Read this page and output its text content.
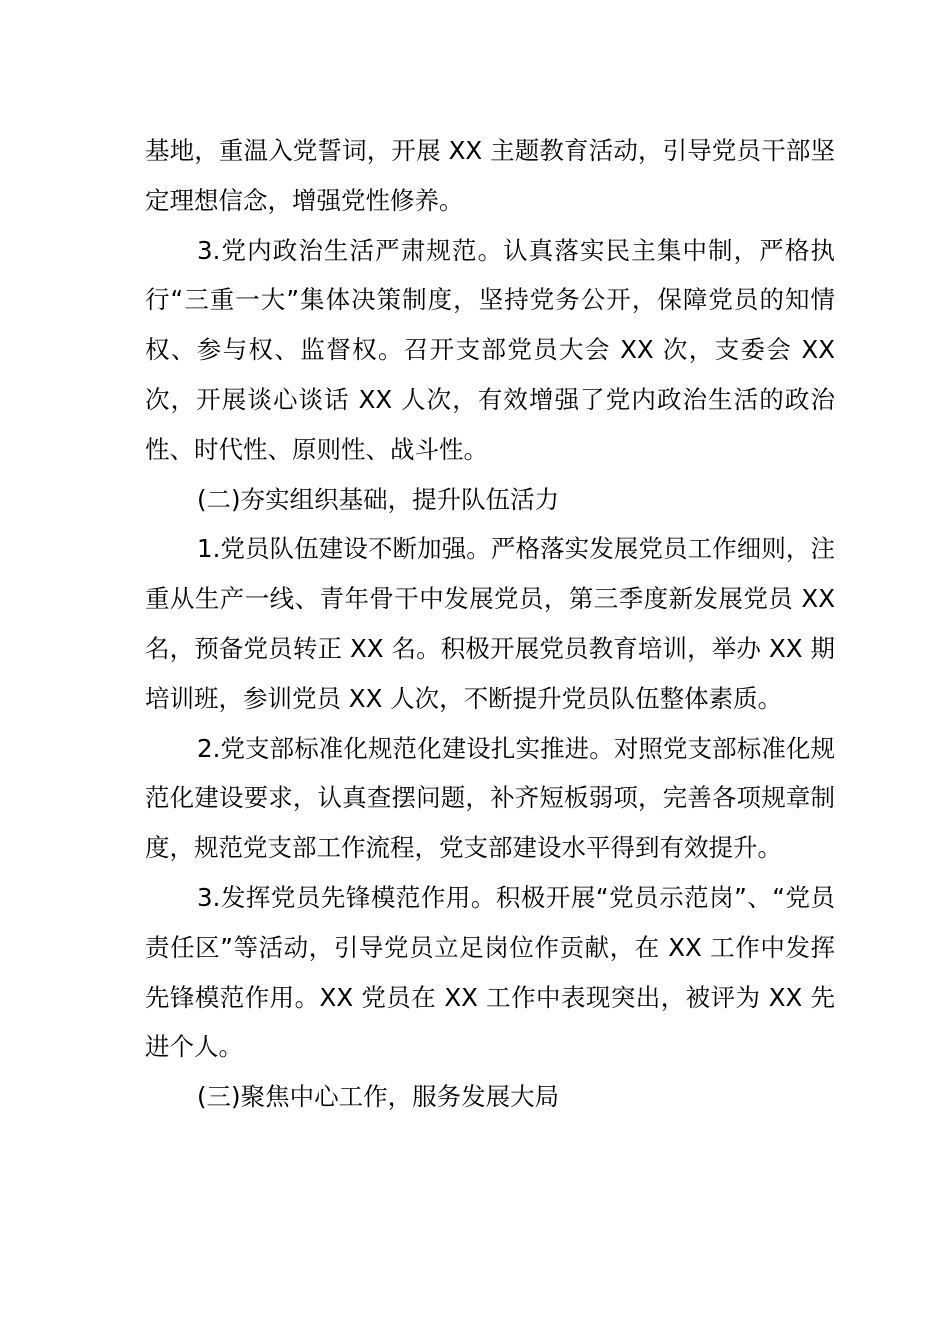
基地，重温入党誓词，开展 XX 主题教育活动，引导党员干部坚定理想信念，增强党性修养。

3.党内政治生活严肃规范。认真落实民主集中制，严格执行“三重一大”集体决策制度，坚持党务公开，保障党员的知情权、参与权、监督权。召开支部党员大会 XX 次，支委会 XX 次，开展谈心谈话 XX 人次，有效增强了党内政治生活的政治性、时代性、原则性、战斗性。

(二)夯实组织基础，提升队伍活力

1.党员队伍建设不断加强。严格落实发展党员工作细则，注重从生产一线、青年骨干中发展党员，第三季度新发展党员 XX 名，预备党员转正 XX 名。积极开展党员教育培训，举办 XX 期培训班，参训党员 XX 人次，不断提升党员队伍整体素质。

2.党支部标准化规范化建设扎实推进。对照党支部标准化规范化建设要求，认真查摆问题，补齐短板弱项，完善各项规章制度，规范党支部工作流程，党支部建设水平得到有效提升。

3.发挥党员先锋模范作用。积极开展“党员示范岗”、“党员责任区”等活动，引导党员立足岗位作贡献，在 XX 工作中发挥先锋模范作用。XX 党员在 XX 工作中表现突出，被评为 XX 先进个人。

(三)聚焦中心工作，服务发展大局
